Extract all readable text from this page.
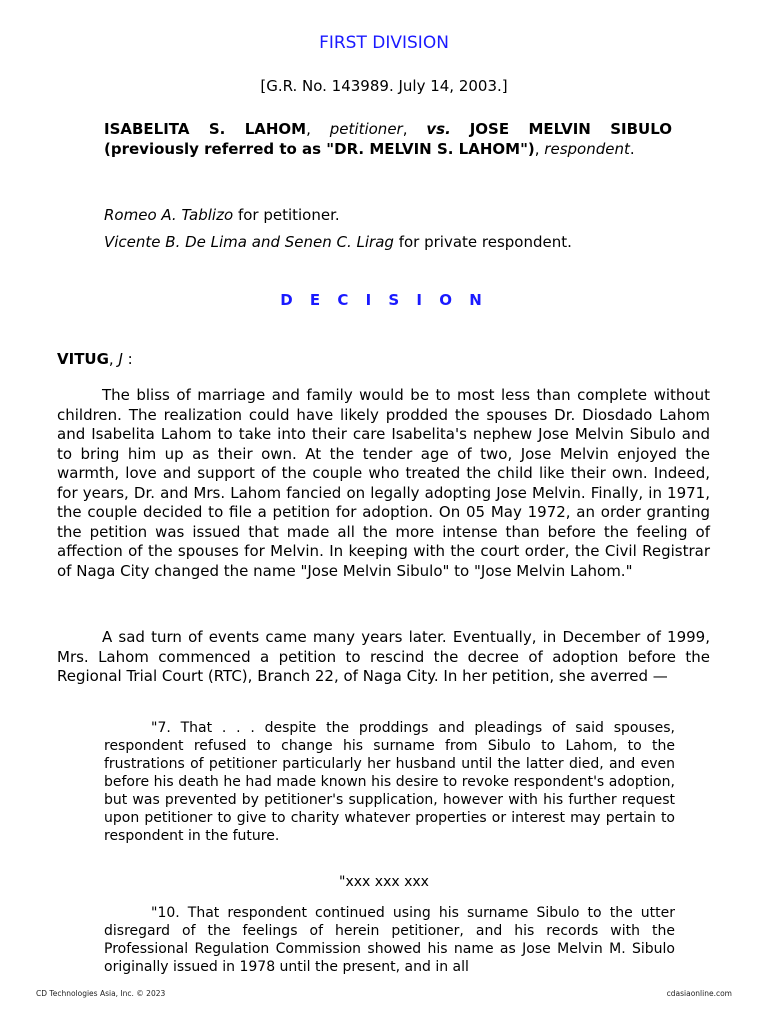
FIRST DIVISION
[G.R. No. 143989. July 14, 2003.]
ISABELITA S. LAHOM, petitioner, vs. JOSE MELVIN SIBULO (previously referred to as "DR. MELVIN S. LAHOM"), respondent.
Romeo A. Tablizo for petitioner.
Vicente B. De Lima and Senen C. Lirag for private respondent.
D E C I S I O N
VITUG, J :

The bliss of marriage and family would be to most less than complete without children. The realization could have likely prodded the spouses Dr. Diosdado Lahom and Isabelita Lahom to take into their care Isabelita's nephew Jose Melvin Sibulo and to bring him up as their own. At the tender age of two, Jose Melvin enjoyed the warmth, love and support of the couple who treated the child like their own. Indeed, for years, Dr. and Mrs. Lahom fancied on legally adopting Jose Melvin. Finally, in 1971, the couple decided to file a petition for adoption. On 05 May 1972, an order granting the petition was issued that made all the more intense than before the feeling of affection of the spouses for Melvin. In keeping with the court order, the Civil Registrar of Naga City changed the name "Jose Melvin Sibulo" to "Jose Melvin Lahom."

A sad turn of events came many years later. Eventually, in December of 1999, Mrs. Lahom commenced a petition to rescind the decree of adoption before the Regional Trial Court (RTC), Branch 22, of Naga City. In her petition, she averred —

"7. That . . . despite the proddings and pleadings of said spouses, respondent refused to change his surname from Sibulo to Lahom, to the frustrations of petitioner particularly her husband until the latter died, and even before his death he had made known his desire to revoke respondent's adoption, but was prevented by petitioner's supplication, however with his further request upon petitioner to give to charity whatever properties or interest may pertain to respondent in the future.

"xxx xxx xxx

"10. That respondent continued using his surname Sibulo to the utter disregard of the feelings of herein petitioner, and his records with the Professional Regulation Commission showed his name as Jose Melvin M. Sibulo originally issued in 1978 until the present, and in all

CD Technologies Asia, Inc. © 2023	cdasiaonline.com
